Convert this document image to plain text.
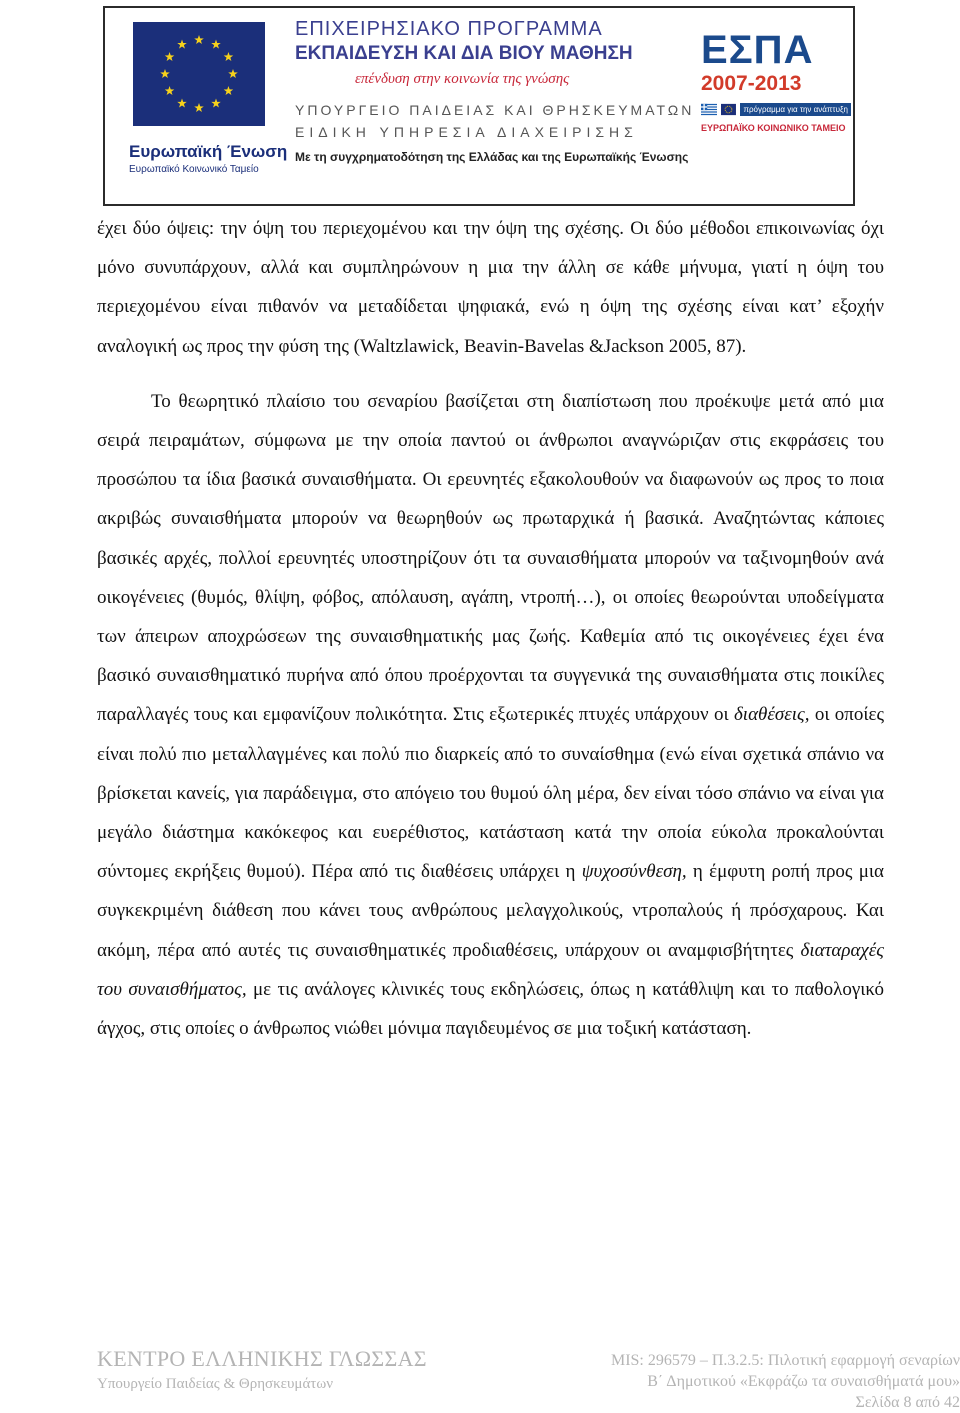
Ευρωπαϊκή Ένωση
Ευρωπαϊκό Κοινωνικό Ταμείο
ΕΠΙΧΕΙΡΗΣΙΑΚΟ ΠΡΟΓΡΑΜΜΑ
ΕΚΠΑΙΔΕΥΣΗ ΚΑΙ ΔΙΑ ΒΙΟΥ ΜΑΘΗΣΗ
επένδυση στην κοινωνία της γνώσης
ΥΠΟΥΡΓΕΙΟ ΠΑΙΔΕΙΑΣ ΚΑΙ ΘΡΗΣΚΕΥΜΑΤΩΝ
ΕΙΔΙΚΗ ΥΠΗΡΕΣΙΑ ΔΙΑΧΕΙΡΙΣΗΣ
Με τη συγχρηματοδότηση της Ελλάδας και της Ευρωπαϊκής Ένωσης
ΕΣΠΑ
2007-2013
πρόγραμμα για την ανάπτυξη
ΕΥΡΩΠΑΪΚΟ ΚΟΙΝΩΝΙΚΟ ΤΑΜΕΙΟ

έχει δύο όψεις: την όψη του περιεχομένου και την όψη της σχέσης. Οι δύο μέθοδοι επικοινωνίας όχι μόνο συνυπάρχουν, αλλά και συμπληρώνουν η μια την άλλη σε κάθε μήνυμα, γιατί η όψη του περιεχομένου είναι πιθανόν να μεταδίδεται ψηφιακά, ενώ η όψη της σχέσης είναι κατ’ εξοχήν αναλογική ως προς την φύση της (Waltzlawick, Beavin-Bavelas &Jackson 2005, 87).

Το θεωρητικό πλαίσιο του σεναρίου βασίζεται στη διαπίστωση που προέκυψε μετά από μια σειρά πειραμάτων, σύμφωνα με την οποία παντού οι άνθρωποι αναγνώριζαν στις εκφράσεις του προσώπου τα ίδια βασικά συναισθήματα. Οι ερευνητές εξακολουθούν να διαφωνούν ως προς το ποια ακριβώς συναισθήματα μπορούν να θεωρηθούν ως πρωταρχικά ή βασικά. Αναζητώντας κάποιες βασικές αρχές, πολλοί ερευνητές υποστηρίζουν ότι τα συναισθήματα μπορούν να ταξινομηθούν ανά οικογένειες (θυμός, θλίψη, φόβος, απόλαυση, αγάπη, ντροπή…), οι οποίες θεωρούνται υποδείγματα των άπειρων αποχρώσεων της συναισθηματικής μας ζωής. Καθεμία από τις οικογένειες έχει ένα βασικό συναισθηματικό πυρήνα από όπου προέρχονται τα συγγενικά της συναισθήματα στις ποικίλες παραλλαγές τους και εμφανίζουν πολικότητα. Στις εξωτερικές πτυχές υπάρχουν οι διαθέσεις, οι οποίες είναι πολύ πιο μεταλλαγμένες και πολύ πιο διαρκείς από το συναίσθημα (ενώ είναι σχετικά σπάνιο να βρίσκεται κανείς, για παράδειγμα, στο απόγειο του θυμού όλη μέρα, δεν είναι τόσο σπάνιο να είναι για μεγάλο διάστημα κακόκεφος και ευερέθιστος, κατάσταση κατά την οποία εύκολα προκαλούνται σύντομες εκρήξεις θυμού). Πέρα από τις διαθέσεις υπάρχει η ψυχοσύνθεση, η έμφυτη ροπή προς μια συγκεκριμένη διάθεση που κάνει τους ανθρώπους μελαγχολικούς, ντροπαλούς ή πρόσχαρους. Και ακόμη, πέρα από αυτές τις συναισθηματικές προδιαθέσεις, υπάρχουν οι αναμφισβήτητες διαταραχές του συναισθήματος, με τις ανάλογες κλινικές τους εκδηλώσεις, όπως η κατάθλιψη και το παθολογικό άγχος, στις οποίες ο άνθρωπος νιώθει μόνιμα παγιδευμένος σε μια τοξική κατάσταση.

ΚΕΝΤΡΟ ΕΛΛΗΝΙΚΗΣ ΓΛΩΣΣΑΣ
Υπουργείο Παιδείας & Θρησκευμάτων
MIS: 296579 – Π.3.2.5: Πιλοτική εφαρμογή σεναρίων
Β΄ Δημοτικού «Εκφράζω τα συναισθήματά μου»
Σελίδα 8 από 42
